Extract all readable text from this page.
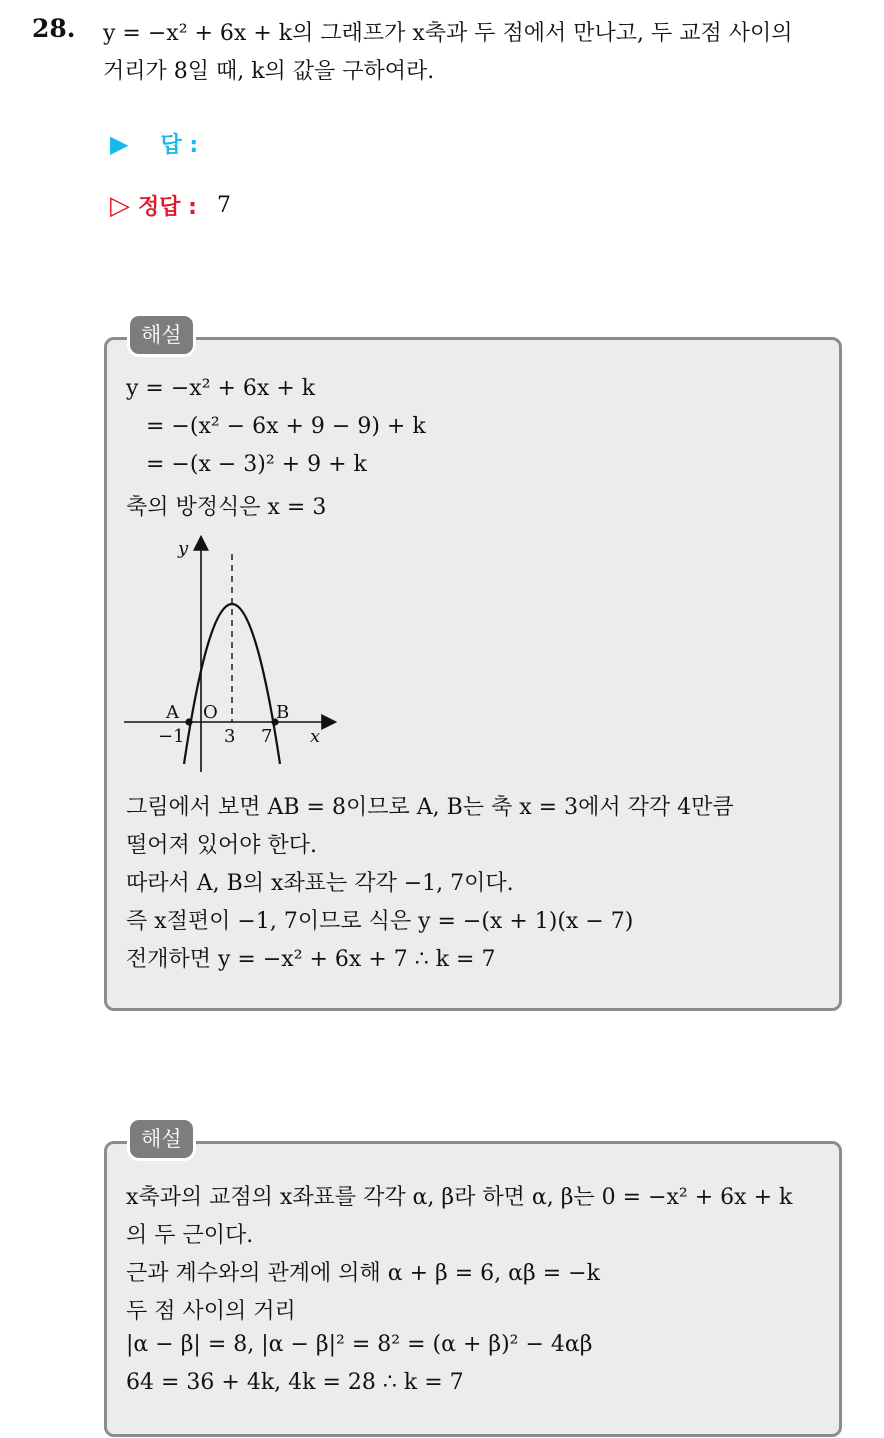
28. y = −x² + 6x + k의 그래프가 x축과 두 점에서 만나고, 두 교점 사이의
거리가 8일 때, k의 값을 구하여라.
▶ 답 :
▷ 정답 : 7
해설
y = −x² + 6x + k
= −(x² − 6x + 9 − 9) + k
= −(x − 3)² + 9 + k
축의 방정식은 x = 3
y
x
A O	B
−1 3 7
그림에서 보면 AB = 8이므로 A, B는 축 x = 3에서 각각 4만큼
떨어져 있어야 한다.
따라서 A, B의 x좌표는 각각 −1, 7이다.
즉 x절편이 −1, 7이므로 식은 y = −(x + 1)(x − 7)
전개하면 y = −x² + 6x + 7 ∴ k = 7
해설
x축과의 교점의 x좌표를 각각 α, β라 하면 α, β는 0 = −x² + 6x + k
의 두 근이다.
근과 계수와의 관계에 의해 α + β = 6, αβ = −k
두 점 사이의 거리
|α − β| = 8, |α − β|² = 8² = (α + β)² − 4αβ
64 = 36 + 4k, 4k = 28 ∴ k = 7
